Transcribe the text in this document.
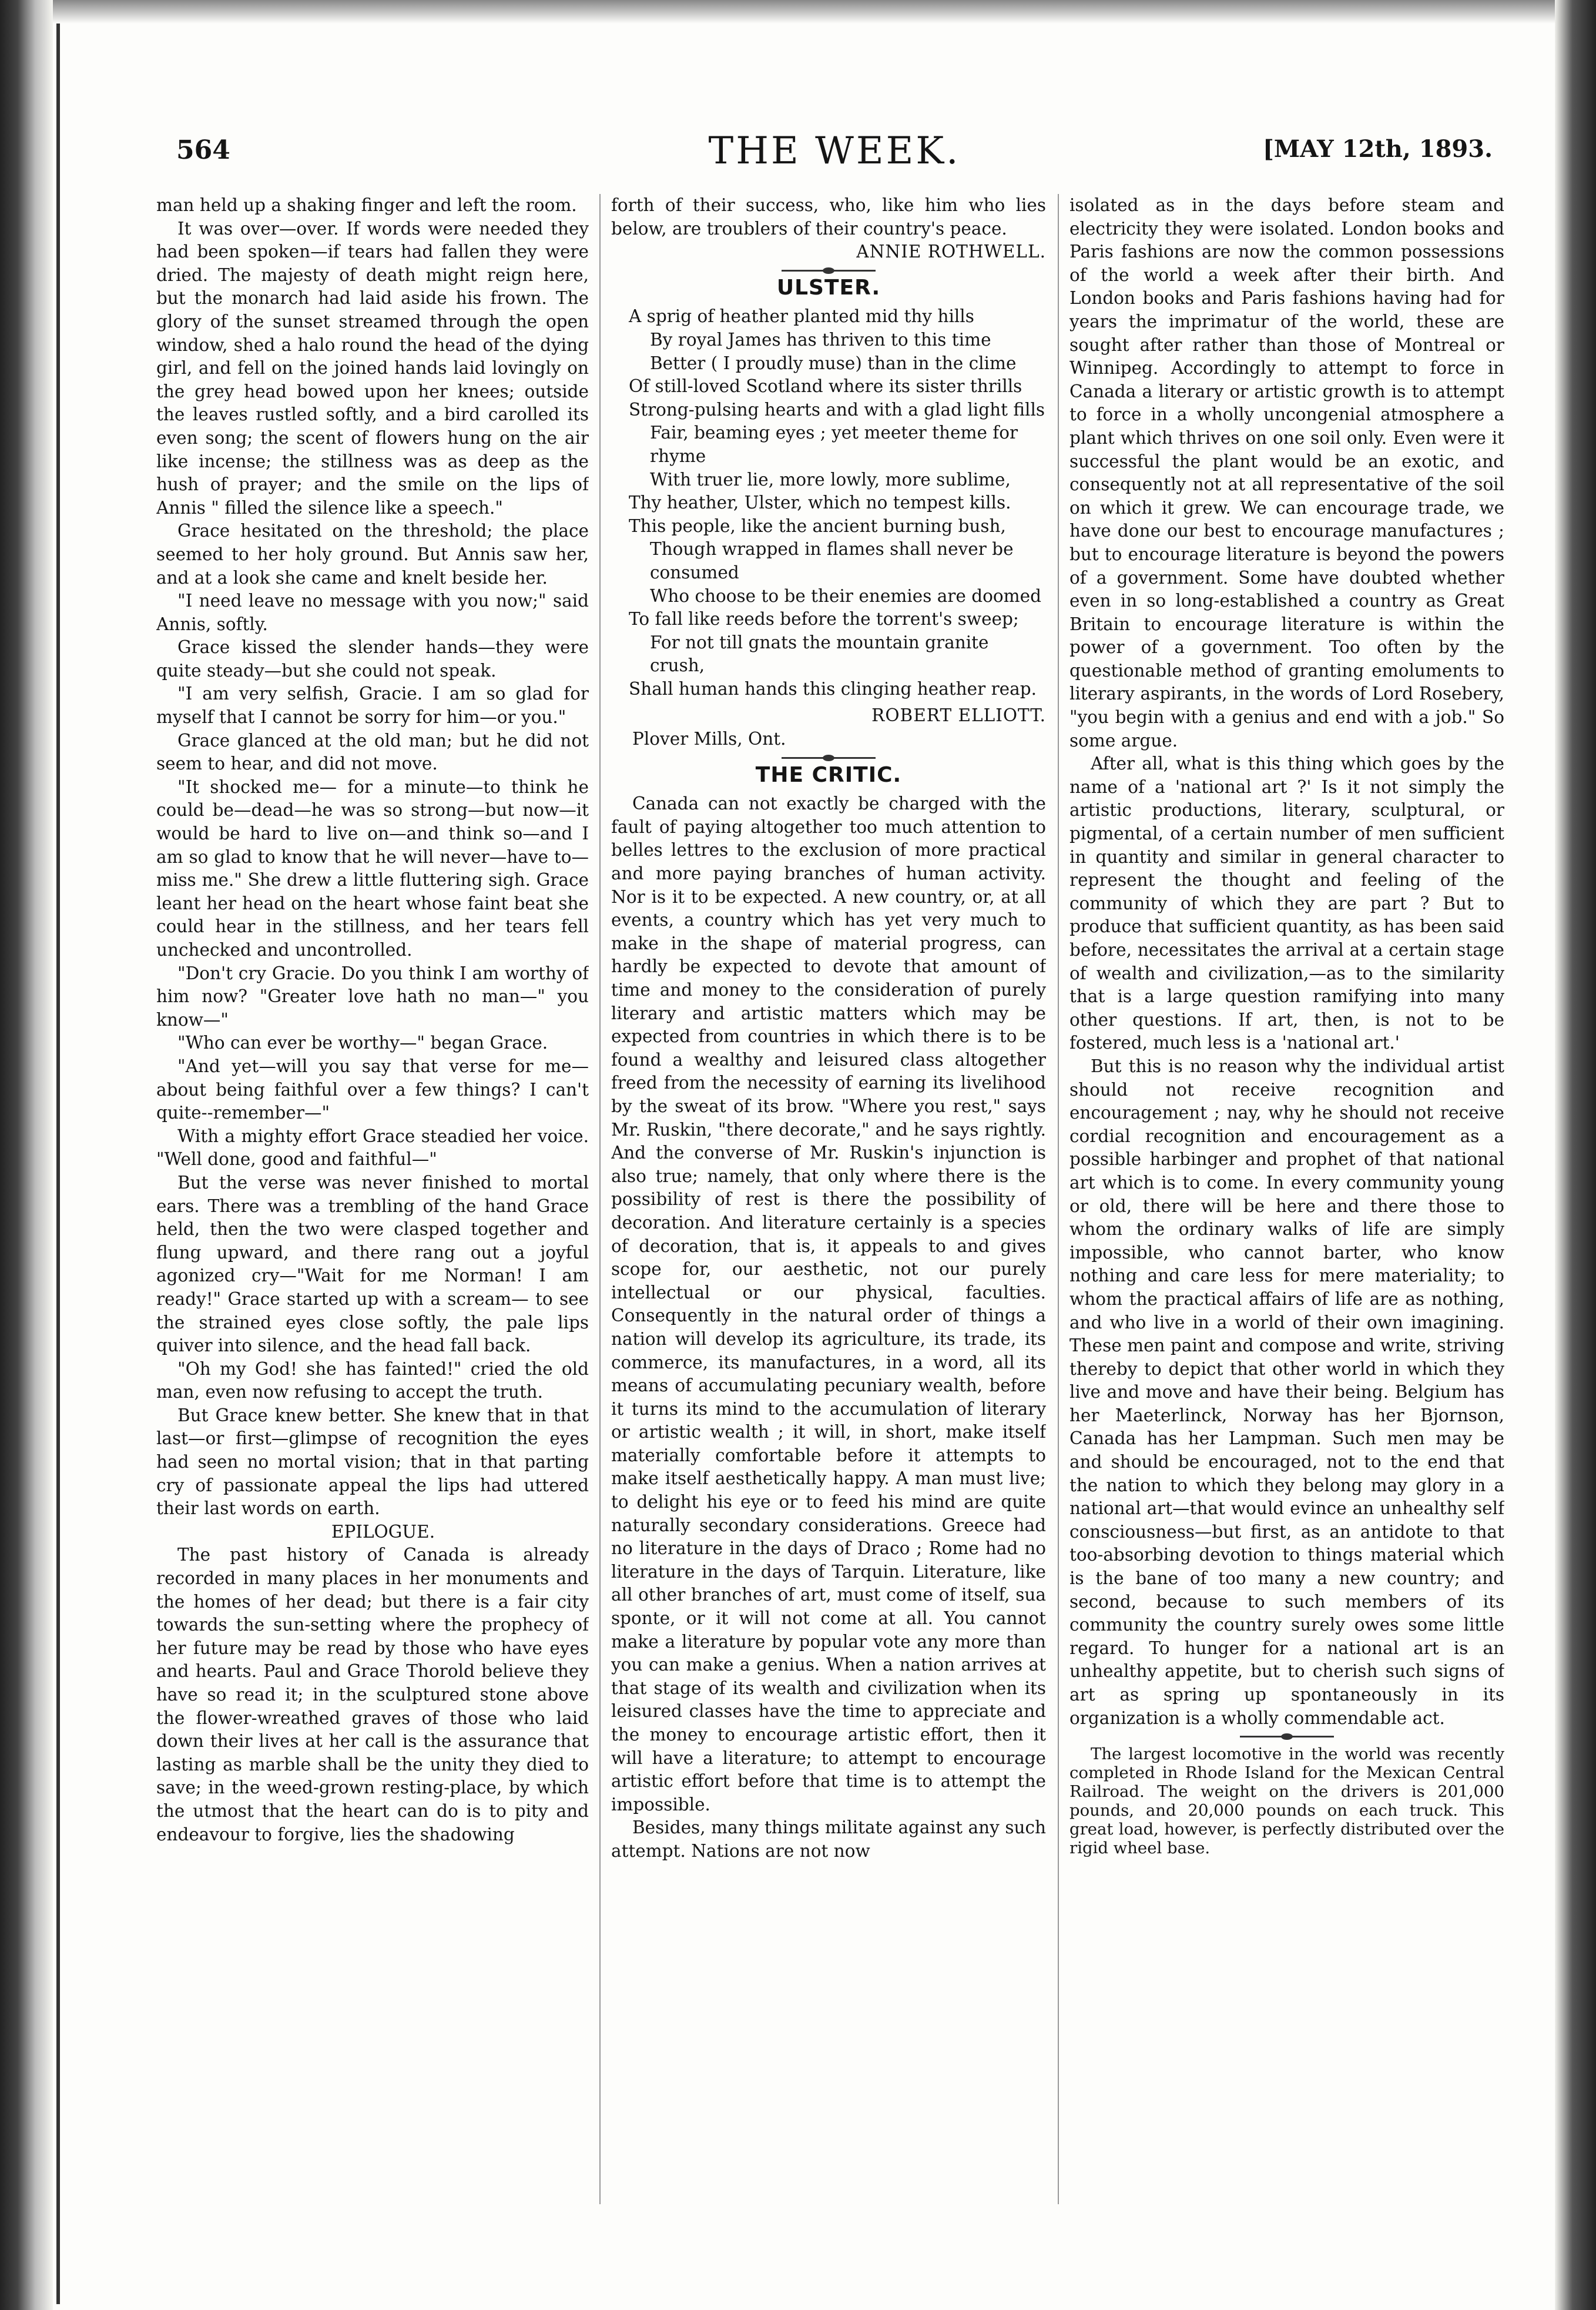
564	THE WEEK.	[MAY 12th, 1893.

man held up a shaking finger and left the room.

It was over—over. If words were needed they had been spoken—if tears had fallen they were dried. The majesty of death might reign here, but the monarch had laid aside his frown. The glory of the sunset streamed through the open window, shed a halo round the head of the dying girl, and fell on the joined hands laid lovingly on the grey head bowed upon her knees; outside the leaves rustled softly, and a bird carolled its even song; the scent of flowers hung on the air like incense; the stillness was as deep as the hush of prayer; and the smile on the lips of Annis " filled the silence like a speech."

Grace hesitated on the threshold; the place seemed to her holy ground. But Annis saw her, and at a look she came and knelt beside her.

"I need leave no message with you now;" said Annis, softly.

Grace kissed the slender hands—they were quite steady—but she could not speak.

"I am very selfish, Gracie. I am so glad for myself that I cannot be sorry for him—or you."

Grace glanced at the old man; but he did not seem to hear, and did not move.

"It shocked me— for a minute—to think he could be—dead—he was so strong—but now—it would be hard to live on—and think so—and I am so glad to know that he will never—have to—miss me." She drew a little fluttering sigh. Grace leant her head on the heart whose faint beat she could hear in the stillness, and her tears fell unchecked and uncontrolled.

"Don't cry Gracie. Do you think I am worthy of him now? "Greater love hath no man—" you know—"

"Who can ever be worthy—" began Grace.

"And yet—will you say that verse for me—about being faithful over a few things? I can't quite--remember—"

With a mighty effort Grace steadied her voice. "Well done, good and faithful—"

But the verse was never finished to mortal ears. There was a trembling of the hand Grace held, then the two were clasped together and flung upward, and there rang out a joyful agonized cry—"Wait for me Norman! I am ready!" Grace started up with a scream— to see the strained eyes close softly, the pale lips quiver into silence, and the head fall back.

"Oh my God! she has fainted!" cried the old man, even now refusing to accept the truth.

But Grace knew better. She knew that in that last—or first—glimpse of recognition the eyes had seen no mortal vision; that in that parting cry of passionate appeal the lips had uttered their last words on earth.

EPILOGUE.

The past history of Canada is already recorded in many places in her monuments and the homes of her dead; but there is a fair city towards the sun-setting where the prophecy of her future may be read by those who have eyes and hearts. Paul and Grace Thorold believe they have so read it; in the sculptured stone above the flower-wreathed graves of those who laid down their lives at her call is the assurance that lasting as marble shall be the unity they died to save; in the weed-grown resting-place, by which the utmost that the heart can do is to pity and endeavour to forgive, lies the shadowing

forth of their success, who, like him who lies below, are troublers of their country's peace.

ANNIE ROTHWELL.

ULSTER.
A sprig of heather planted mid thy hills
By royal James has thriven to this time
Better ( I proudly muse) than in the clime
Of still-loved Scotland where its sister thrills
Strong-pulsing hearts and with a glad light fills
Fair, beaming eyes ; yet meeter theme for rhyme
With truer lie, more lowly, more sublime,
Thy heather, Ulster, which no tempest kills.
This people, like the ancient burning bush,
Though wrapped in flames shall never be consumed
Who choose to be their enemies are doomed
To fall like reeds before the torrent's sweep;
For not till gnats the mountain granite crush,
Shall human hands this clinging heather reap.

ROBERT ELLIOTT.

Plover Mills, Ont.

THE CRITIC.

Canada can not exactly be charged with the fault of paying altogether too much attention to belles lettres to the exclusion of more practical and more paying branches of human activity. Nor is it to be expected. A new country, or, at all events, a country which has yet very much to make in the shape of material progress, can hardly be expected to devote that amount of time and money to the consideration of purely literary and artistic matters which may be expected from countries in which there is to be found a wealthy and leisured class altogether freed from the necessity of earning its livelihood by the sweat of its brow. "Where you rest," says Mr. Ruskin, "there decorate," and he says rightly. And the converse of Mr. Ruskin's injunction is also true; namely, that only where there is the possibility of rest is there the possibility of decoration. And literature certainly is a species of decoration, that is, it appeals to and gives scope for, our aesthetic, not our purely intellectual or our physical, faculties. Consequently in the natural order of things a nation will develop its agriculture, its trade, its commerce, its manufactures, in a word, all its means of accumulating pecuniary wealth, before it turns its mind to the accumulation of literary or artistic wealth ; it will, in short, make itself materially comfortable before it attempts to make itself aesthetically happy. A man must live; to delight his eye or to feed his mind are quite naturally secondary considerations. Greece had no literature in the days of Draco ; Rome had no literature in the days of Tarquin. Literature, like all other branches of art, must come of itself, sua sponte, or it will not come at all. You cannot make a literature by popular vote any more than you can make a genius. When a nation arrives at that stage of its wealth and civilization when its leisured classes have the time to appreciate and the money to encourage artistic effort, then it will have a literature; to attempt to encourage artistic effort before that time is to attempt the impossible.

Besides, many things militate against any such attempt. Nations are not now

isolated as in the days before steam and electricity they were isolated. London books and Paris fashions are now the common possessions of the world a week after their birth. And London books and Paris fashions having had for years the imprimatur of the world, these are sought after rather than those of Montreal or Winnipeg. Accordingly to attempt to force in Canada a literary or artistic growth is to attempt to force in a wholly uncongenial atmosphere a plant which thrives on one soil only. Even were it successful the plant would be an exotic, and consequently not at all representative of the soil on which it grew. We can encourage trade, we have done our best to encourage manufactures ; but to encourage literature is beyond the powers of a government. Some have doubted whether even in so long-established a country as Great Britain to encourage literature is within the power of a government. Too often by the questionable method of granting emoluments to literary aspirants, in the words of Lord Rosebery, "you begin with a genius and end with a job." So some argue.

After all, what is this thing which goes by the name of a 'national art ?' Is it not simply the artistic productions, literary, sculptural, or pigmental, of a certain number of men sufficient in quantity and similar in general character to represent the thought and feeling of the community of which they are part ? But to produce that sufficient quantity, as has been said before, necessitates the arrival at a certain stage of wealth and civilization,—as to the similarity that is a large question ramifying into many other questions. If art, then, is not to be fostered, much less is a 'national art.'

But this is no reason why the individual artist should not receive recognition and encouragement ; nay, why he should not receive cordial recognition and encouragement as a possible harbinger and prophet of that national art which is to come. In every community young or old, there will be here and there those to whom the ordinary walks of life are simply impossible, who cannot barter, who know nothing and care less for mere materiality; to whom the practical affairs of life are as nothing, and who live in a world of their own imagining. These men paint and compose and write, striving thereby to depict that other world in which they live and move and have their being. Belgium has her Maeterlinck, Norway has her Bjornson, Canada has her Lampman. Such men may be and should be encouraged, not to the end that the nation to which they belong may glory in a national art—that would evince an unhealthy self consciousness—but first, as an antidote to that too-absorbing devotion to things material which is the bane of too many a new country; and second, because to such members of its community the country surely owes some little regard. To hunger for a national art is an unhealthy appetite, but to cherish such signs of art as spring up spontaneously in its organization is a wholly commendable act.

The largest locomotive in the world was recently completed in Rhode Island for the Mexican Central Railroad. The weight on the drivers is 201,000 pounds, and 20,000 pounds on each truck. This great load, however, is perfectly distributed over the rigid wheel base.
